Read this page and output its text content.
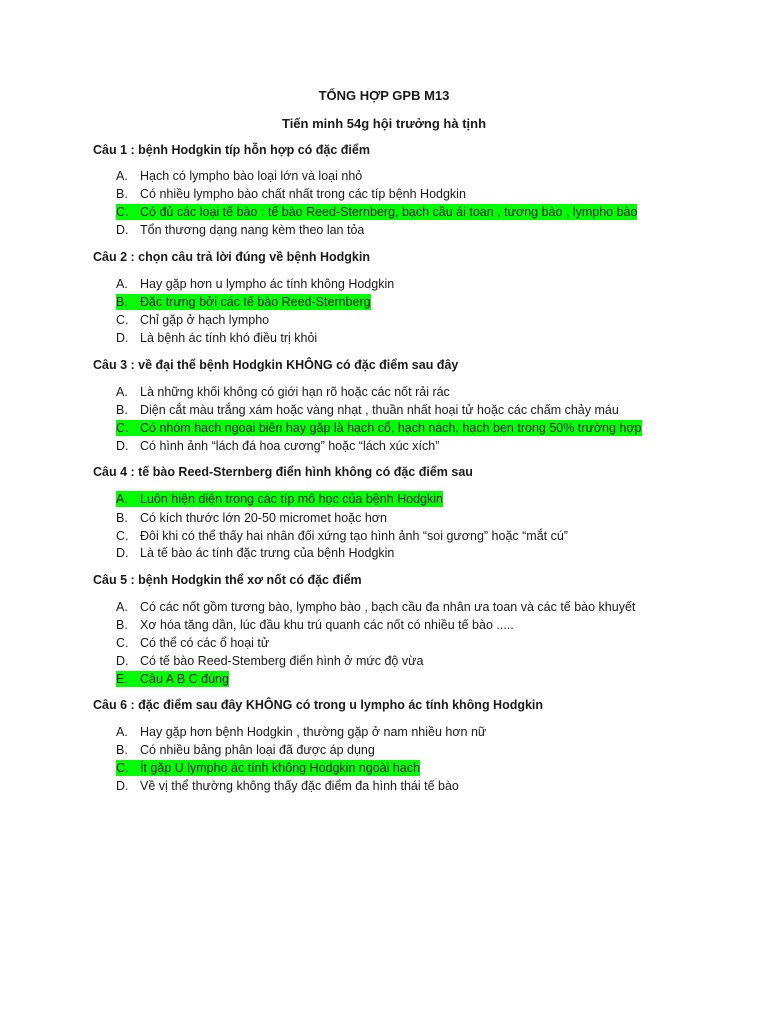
TỔNG HỢP GPB M13
Tiến minh 54g hội trưởng hà tịnh
Câu 1 : bệnh Hodgkin típ hỗn hợp có đặc điểm
A. Hạch có lympho bào loại lớn và loại nhỏ
B. Có nhiều lympho bào chất nhất trong các típ bệnh Hodgkin
C. Có đủ các loại tế bào : tế bào Reed-Sternberg, bạch cầu ái toan , tương bào , lympho bào
D. Tổn thương dạng nang kèm theo lan tỏa
Câu 2 : chọn câu trả lời đúng về bệnh Hodgkin
A. Hay gặp hơn u lympho ác tính không Hodgkin
B. Đặc trưng bởi các tế bào Reed-Sternberg
C. Chỉ gặp ở hạch lympho
D. Là bệnh ác tính khó điều trị khỏi
Câu 3 : về đại thể bệnh Hodgkin KHÔNG có đặc điểm sau đây
A. Là những khối không có giới hạn rõ hoặc các nốt rải rác
B. Diện cắt màu trắng xám hoặc vàng nhạt , thuần nhất hoại tử hoặc các chấm chảy máu
C. Có nhóm hạch ngoại biên hay gặp là hạch cổ, hạch nách, hạch bẹn trong 50% trường hợp
D. Có hình ảnh “lách đá hoa cương” hoặc “lách xúc xích”
Câu 4 : tế bào Reed-Sternberg điển hình không có đặc điểm sau
A. Luôn hiện diện trong các típ mô học của bệnh Hodgkin
B. Có kích thước lớn 20-50 micromet hoặc hơn
C. Đôi khi có thể thấy hai nhân đối xứng tạo hình ảnh “soi gương” hoặc “mắt cú”
D. Là tế bào ác tính đặc trưng của bệnh Hodgkin
Câu 5 : bệnh Hodgkin thể xơ nốt có đặc điểm
A. Có các nốt gồm tương bào, lympho bào , bạch cầu đa nhân ưa toan và các tế bào khuyết
B. Xơ hóa tăng dần, lúc đầu khu trú quanh các nốt có nhiều tế bào .....
C. Có thể có các ổ hoại tử
D. Có tế bào Reed-Stemberg điển hình ở mức độ vừa
E. Câu A B C đúng
Câu 6 : đặc điểm sau đây KHÔNG có trong u lympho ác tính không Hodgkin
A. Hay gặp hơn bệnh Hodgkin , thường gặp ở nam nhiều hơn nữ
B. Có nhiều bảng phân loại đã được áp dụng
C. Ít gặp U lympho ác tính không Hodgkin ngoài hạch
D. Về vị thể thường không thấy đặc điểm đa hình thái tế bào
